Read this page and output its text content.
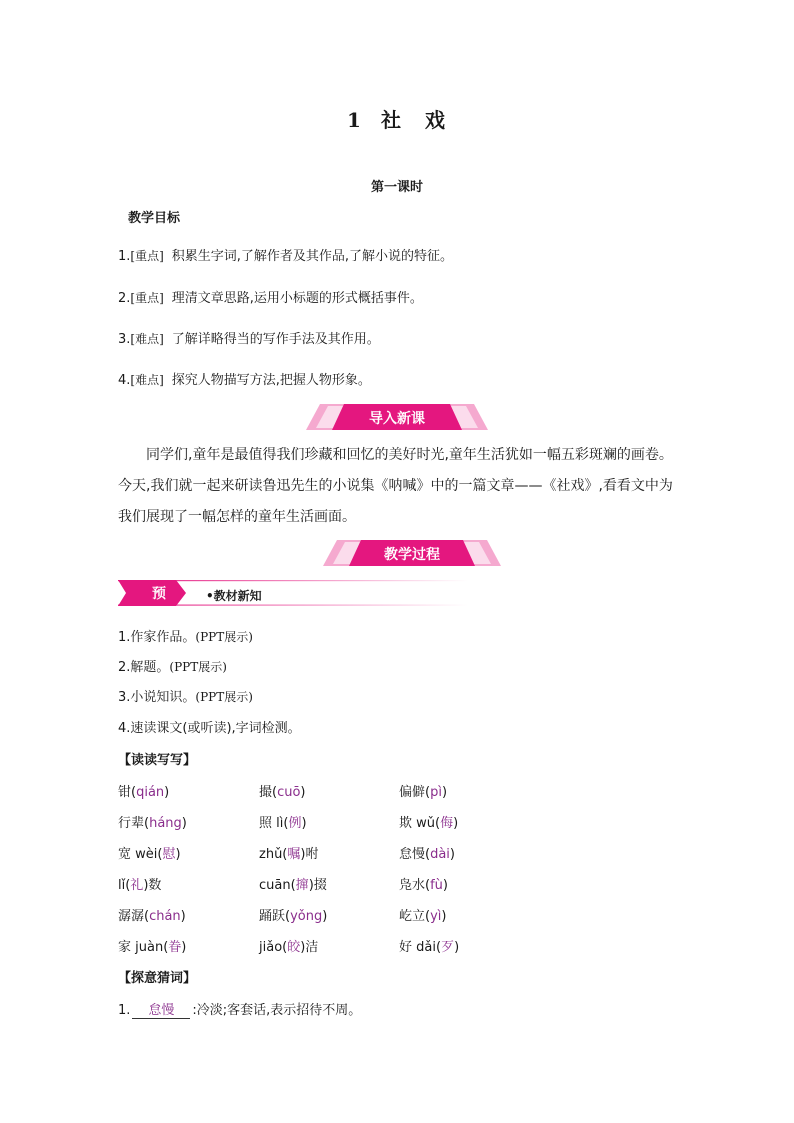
1 社　戏
第一课时
教学目标
1.[重点] 积累生字词,了解作者及其作品,了解小说的特征。
2.[重点] 理清文章思路,运用小标题的形式概括事件。
3.[难点] 了解详略得当的写作手法及其作用。
4.[难点] 探究人物描写方法,把握人物形象。
导入新课
同学们,童年是最值得我们珍藏和回忆的美好时光,童年生活犹如一幅五彩斑斓的画卷。今天,我们就一起来研读鲁迅先生的小说集《呐喊》中的一篇文章——《社戏》,看看文中为我们展现了一幅怎样的童年生活画面。
教学过程
预	•教材新知
1.作家作品。(PPT展示)
2.解题。(PPT展示)
3.小说知识。(PPT展示)
4.速读课文(或听读),字词检测。
【读读写写】
钳(qián)	撮(cuō)	偏僻(pì)
行辈(háng)	照 lì(例)	欺 wǔ(侮)
宽 wèi(慰)	zhǔ(嘱)咐	怠慢(dài)
lǐ(礼)数	cuān(撺)掇	凫水(fù)
潺潺(chán)	踊跃(yǒng)	屹立(yì)
家 juàn(眷)	jiǎo(皎)洁	好 dǎi(歹)
【探意猜词】
1. 怠慢 :冷淡;客套话,表示招待不周。
